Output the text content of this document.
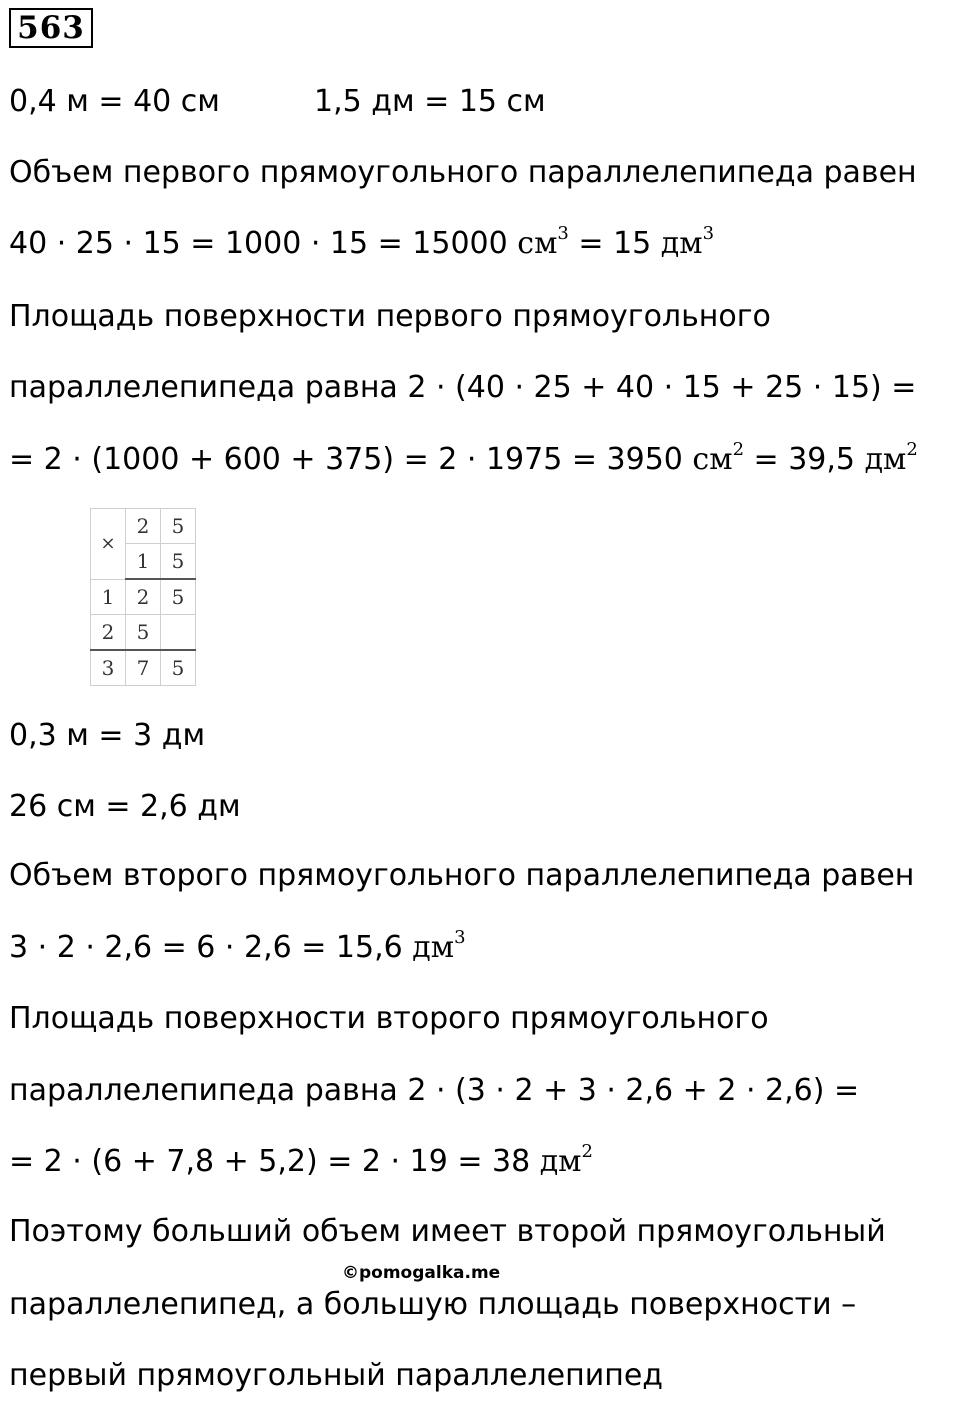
563
0,4 м = 40 см	1,5 дм = 15 см
Объем первого прямоугольного параллелепипеда равен
40 · 25 · 15 = 1000 · 15 = 15000 $см^3 = 15$ $дм^3$
Площадь поверхности первого прямоугольного
параллелепипеда равна 2 · (40 · 25 + 40 · 15 + 25 · 15) =
= 2 · (1000 + 600 + 375) = 2 · 1975 = 3950 $см^2 = 39,5$ $дм^2$
×	2	5
	1	5
1	2	5
2	5	
3	7	5
0,3 м = 3 дм
26 см = 2,6 дм
Объем второго прямоугольного параллелепипеда равен
3 · 2 · 2,6 = 6 · 2,6 = 15,6 $дм^3$
Площадь поверхности второго прямоугольного
параллелепипеда равна 2 · (3 · 2 + 3 · 2,6 + 2 · 2,6) =
= 2 · (6 + 7,8 + 5,2) = 2 · 19 = 38 $дм^2$
Поэтому больший объем имеет второй прямоугольный
©pomogalka.me
параллелепипед, а большую площадь поверхности –
первый прямоугольный параллелепипед
